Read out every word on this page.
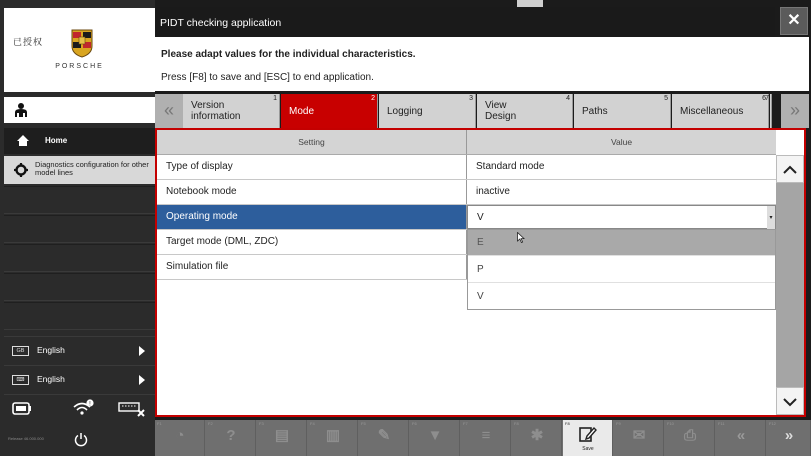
已授权
PORSCHE
Home
Diagnostics configuration for other model lines
GB	English
⌨	English
!
Release 46.000.000
PIDT checking application	✕
Please adapt values for the individual characteristics.
Press [F8] to save and [ESC] to end application.
«
1
Version information
2
Mode
3
Logging
4
View Design
5
Paths
6
Miscellaneous
7
»
Setting	Value
Type of display	Standard mode
Notebook mode	inactive
Operating mode	V	▾
Target mode (DML, ZDC)
Simulation file
E
P
V
F1
◔
F2
?
F3
▤
F4
▥
F5
✎
F6
▼
F7
≡
F8
✱
F8
Save
F9
✉
F10
⎙
F11
«
F12
»
